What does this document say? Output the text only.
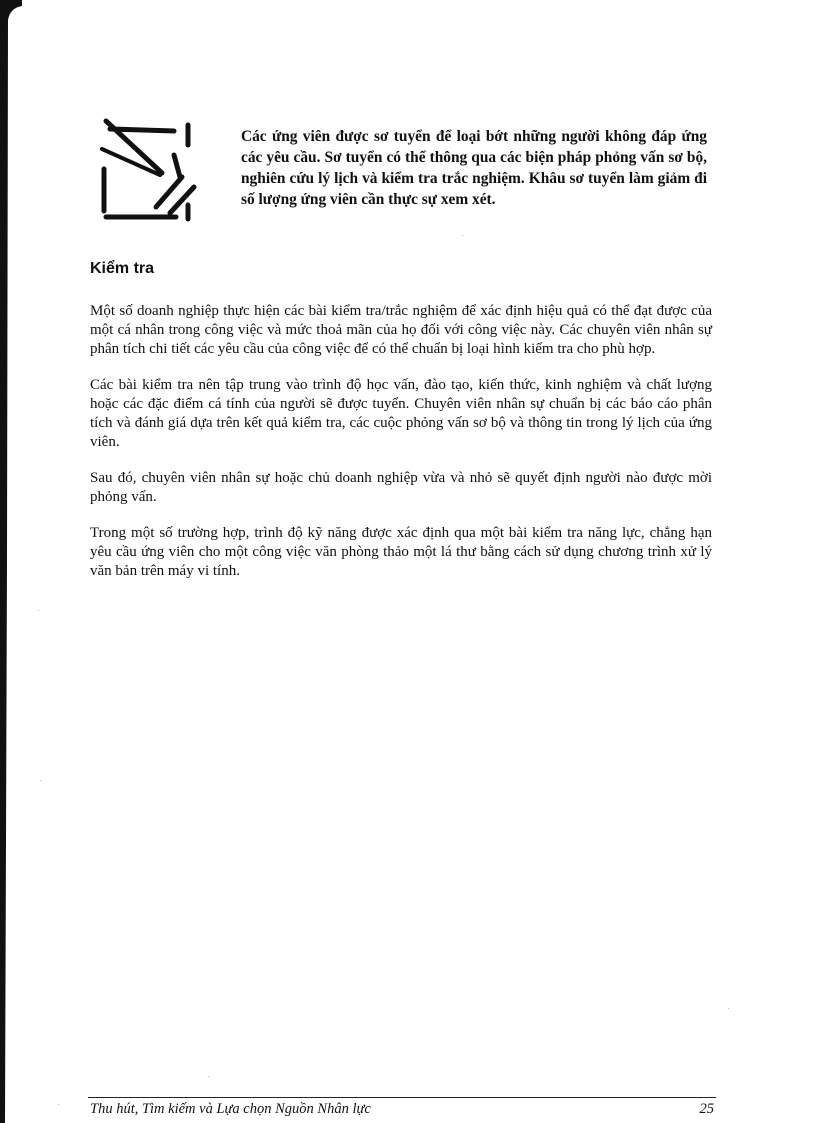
Các ứng viên được sơ tuyển để loại bớt những người không đáp ứng các yêu cầu. Sơ tuyển có thể thông qua các biện pháp phỏng vấn sơ bộ, nghiên cứu lý lịch và kiểm tra trắc nghiệm. Khâu sơ tuyển làm giảm đi số lượng ứng viên cần thực sự xem xét.

Kiểm tra

Một số doanh nghiệp thực hiện các bài kiểm tra/trắc nghiệm để xác định hiệu quả có thể đạt được của một cá nhân trong công việc và mức thoả mãn của họ đối với công việc này. Các chuyên viên nhân sự phân tích chi tiết các yêu cầu của công việc để có thể chuẩn bị loại hình kiểm tra cho phù hợp.

Các bài kiểm tra nên tập trung vào trình độ học vấn, đào tạo, kiến thức, kinh nghiệm và chất lượng hoặc các đặc điểm cá tính của người sẽ được tuyển. Chuyên viên nhân sự chuẩn bị các báo cáo phân tích và đánh giá dựa trên kết quả kiểm tra, các cuộc phỏng vấn sơ bộ và thông tin trong lý lịch của ứng viên.

Sau đó, chuyên viên nhân sự hoặc chủ doanh nghiệp vừa và nhỏ sẽ quyết định người nào được mời phỏng vấn.

Trong một số trường hợp, trình độ kỹ năng được xác định qua một bài kiểm tra năng lực, chẳng hạn yêu cầu ứng viên cho một công việc văn phòng thảo một lá thư bằng cách sử dụng chương trình xử lý văn bản trên máy vi tính.

Thu hút, Tìm kiếm và Lựa chọn Nguồn Nhân lực	25
